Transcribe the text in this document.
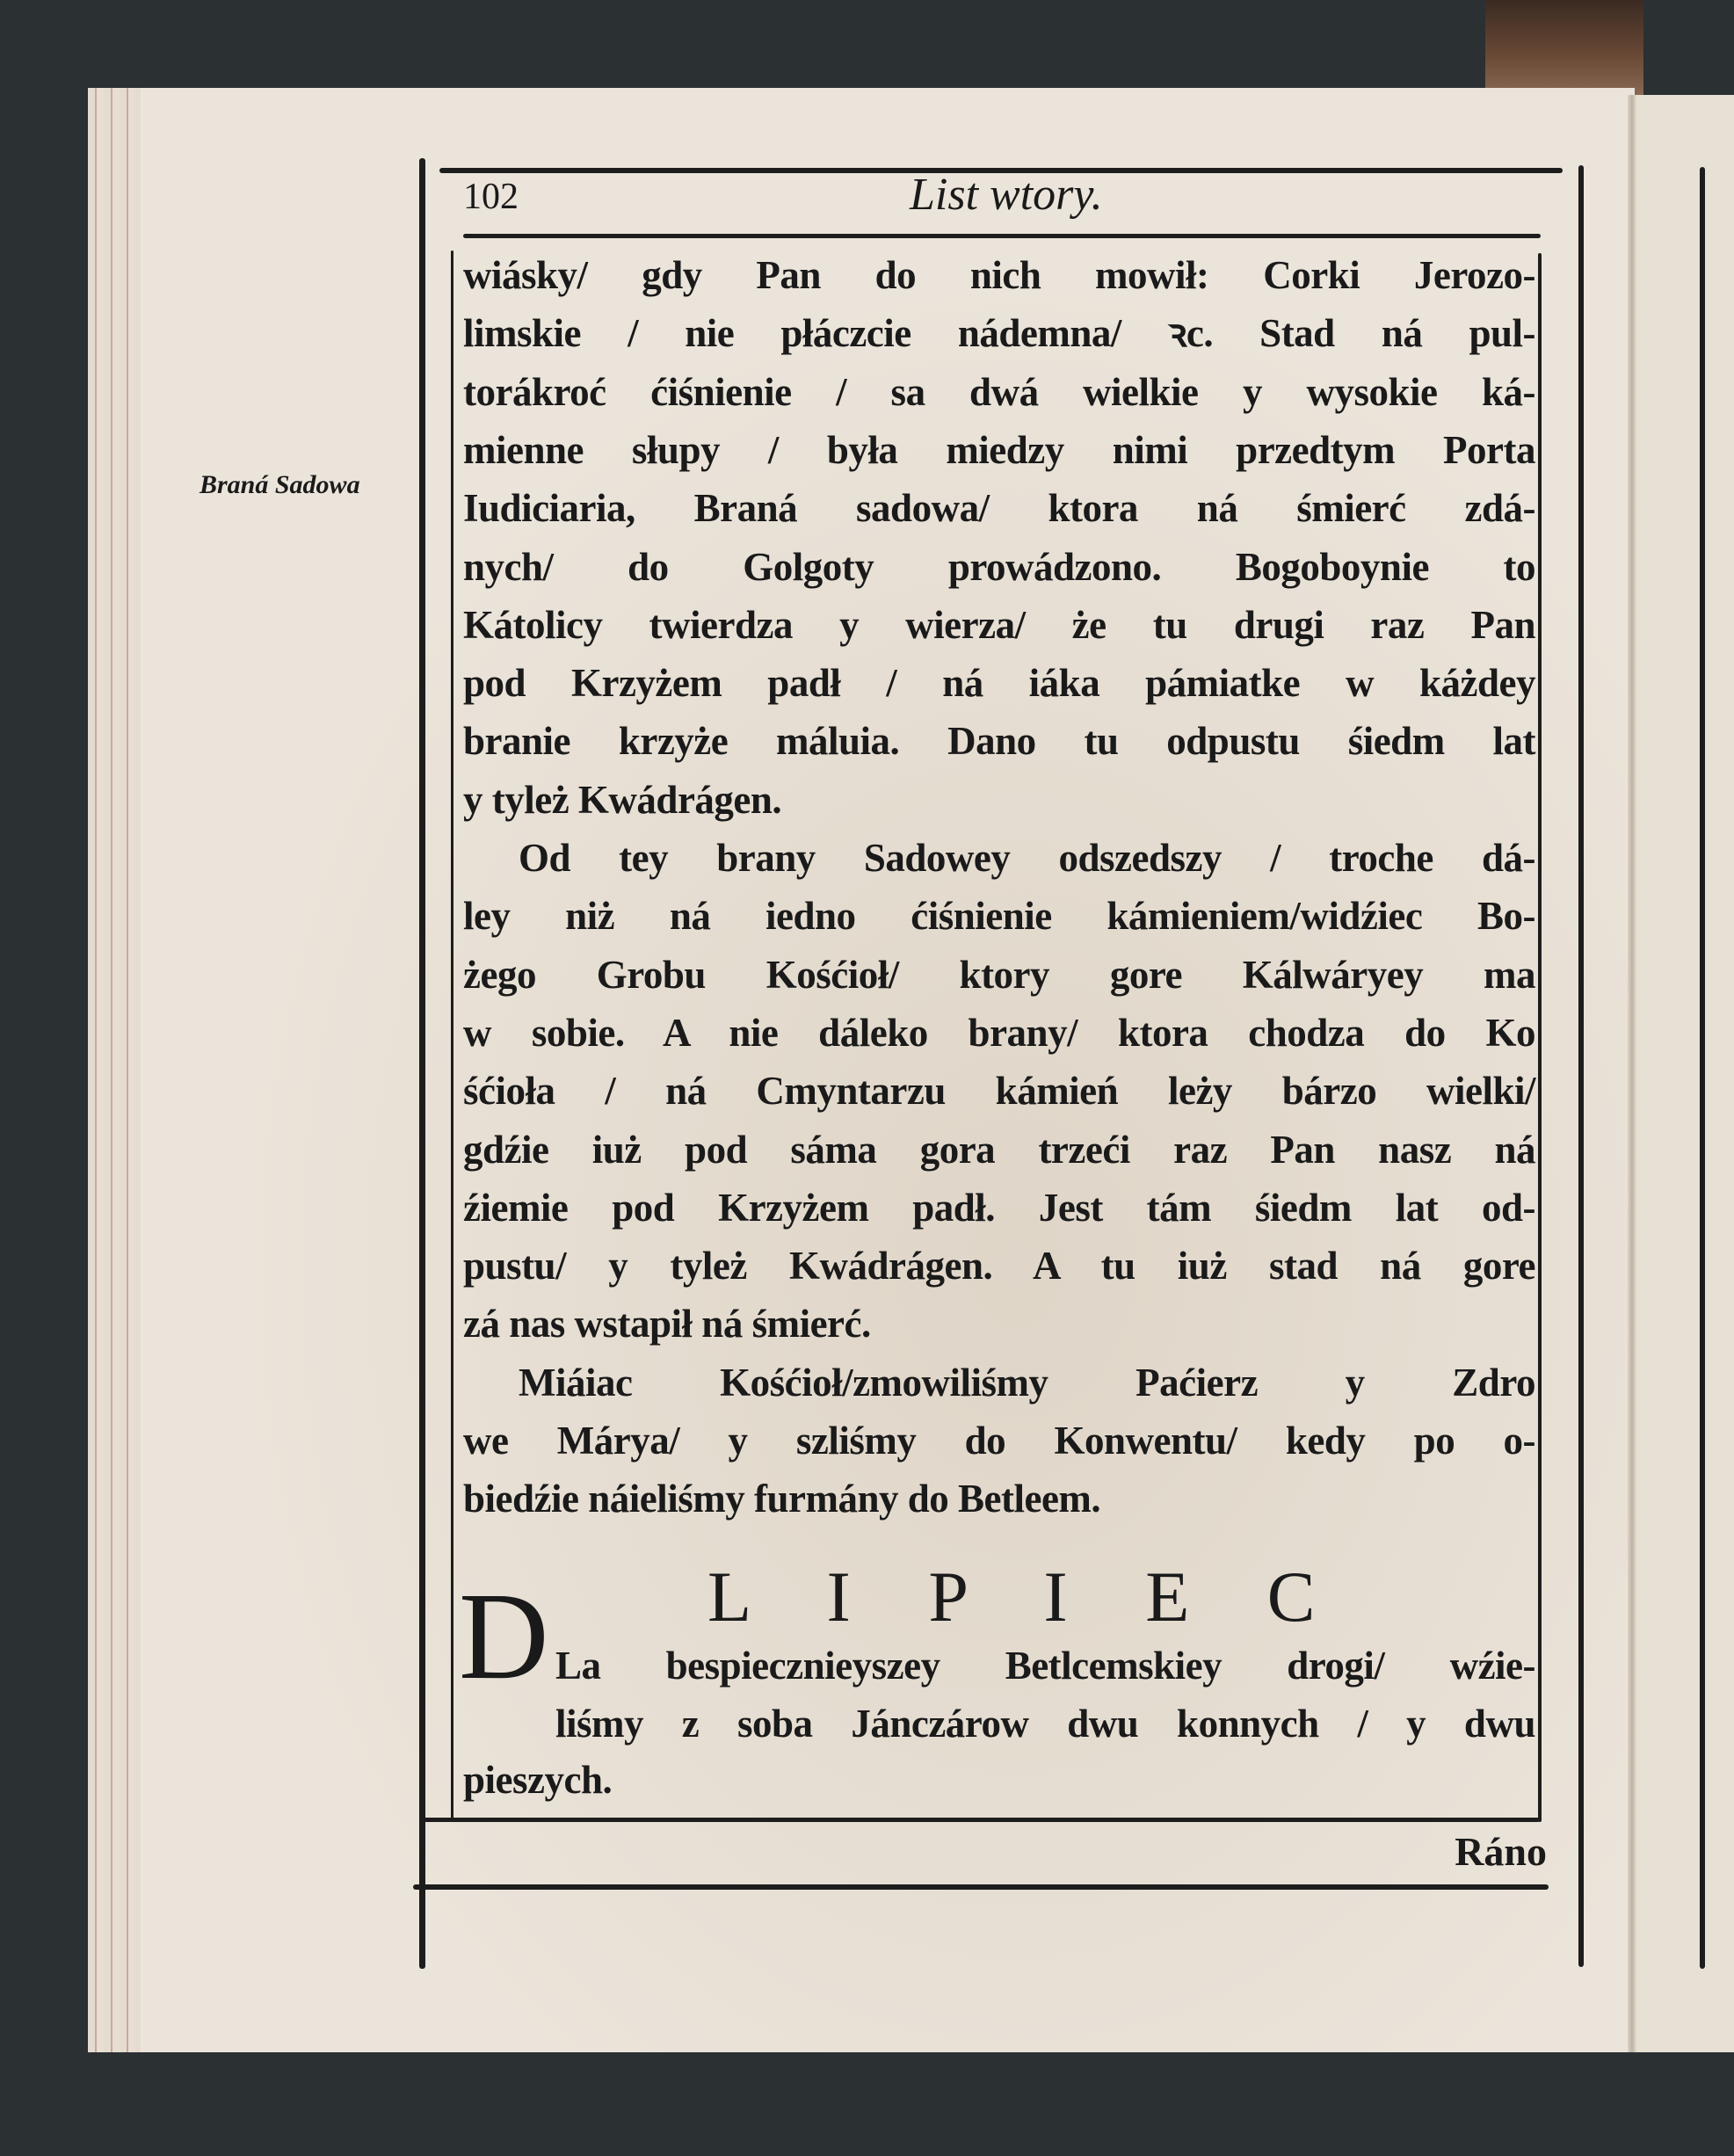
102	List wtory.
Braná Sadowa
wiásky/ gdy Pan do nich mowił: Corki Jerozo-
limskie / nie płáczcie nádemna/ ꝛc. Stad ná pul-
torákroć ćiśnienie / sa dwá wielkie y wysokie ká-
mienne słupy / była miedzy nimi przedtym Porta
Iudiciaria, Braná sadowa/ ktora ná śmierć zdá-
nych/ do Golgoty prowádzono. Bogoboynie to
Kátolicy twierdza y wierza/ że tu drugi raz Pan
pod Krzyżem padł / ná iáka pámiatke w káżdey
branie krzyże máluia. Dano tu odpustu śiedm lat
y tyleż Kwádrágen.
Od tey brany Sadowey odszedszy / troche dá-
ley niż ná iedno ćiśnienie kámieniem/widźiec Bo-
żego Grobu Kośćioł/ ktory gore Kálwáryey ma
w sobie. A nie dáleko brany/ ktora chodza do Ko
śćioła / ná Cmyntarzu kámień leży bárzo wielki/
gdźie iuż pod sáma gora trzeći raz Pan nasz ná
źiemie pod Krzyżem padł. Jest tám śiedm lat od-
pustu/ y tyleż Kwádrágen. A tu iuż stad ná gore
zá nas wstapił ná śmierć.
Miáiac Kośćioł/zmowiliśmy Paćierz y Zdro
we Márya/ y szliśmy do Konwentu/ kedy po o-
biedźie náieliśmy furmány do Betleem.
L I P I E C
D La bespiecznieyszey Betlcemskiey drogi/ wźie-
liśmy z soba Jánczárow dwu konnych / y dwu
pieszych.
Ráno
